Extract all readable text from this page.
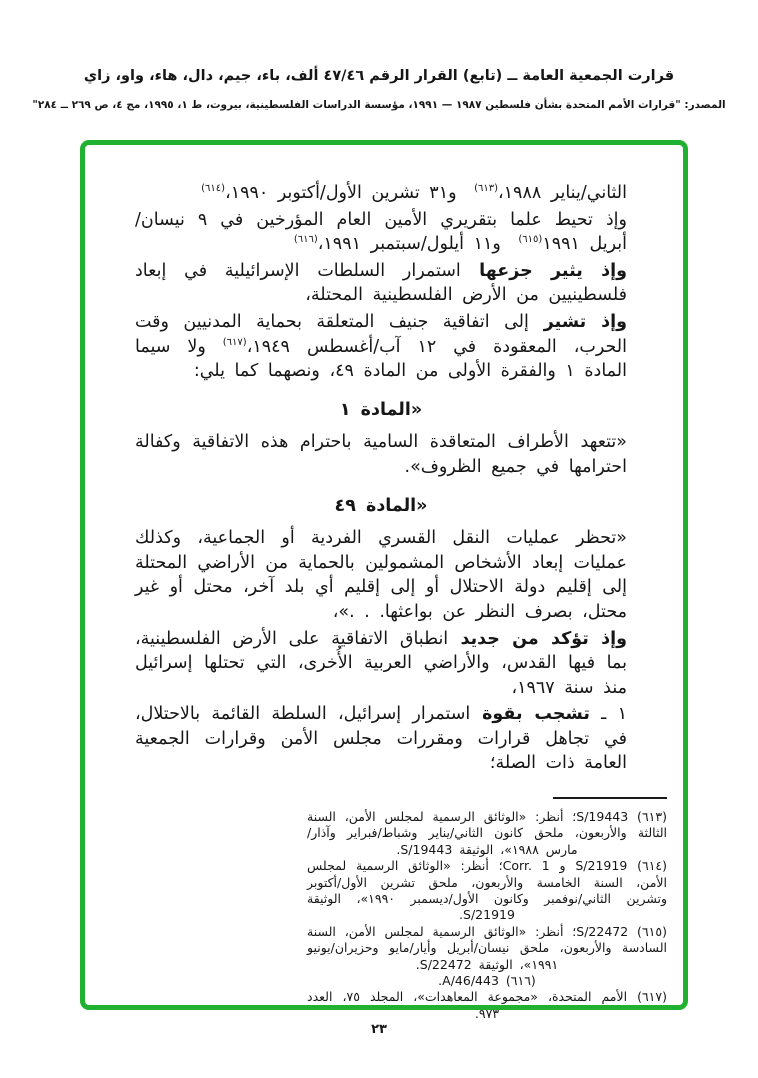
قرارت الجمعية العامة ــ (تابع) القرار الرقم ٤٧/٤٦ ألف، باء، جيم، دال، هاء، واو، زاي
المصدر: "قرارات الأمم المتحدة بشأن فلسطين ١٩٨٧ — ١٩٩١، مؤسسة الدراسات الفلسطينية، بيروت، ط ١، ١٩٩٥، مج ٤، ص ٢٦٩ ــ ٢٨٤"
الثاني/يناير ١٩٨٨،$^{(٦١٣)}$ و٣١ تشرين الأول/أكتوبر ١٩٩٠،$^{(٦١٤)}$
وإذ تحيط علما بتقريري الأمين العام المؤرخين في ٩ نيسان/أبريل ١٩٩١$^{(٦١٥)}$ و١١ أيلول/سبتمبر ١٩٩١،$^{(٦١٦)}$
وإذ يثير جزعها استمرار السلطات الإسرائيلية في إبعاد فلسطينيين من الأرض الفلسطينية المحتلة،
وإذ تشير إلى اتفاقية جنيف المتعلقة بحماية المدنيين وقت الحرب، المعقودة في ١٢ آب/أغسطس ١٩٤٩،$^{(٦١٧)}$ ولا سيما المادة ١ والفقرة الأولى من المادة ٤٩، ونصهما كما يلي:
«المادة ١
«تتعهد الأطراف المتعاقدة السامية باحترام هذه الاتفاقية وكفالة احترامها في جميع الظروف».
«المادة ٤٩
«تحظر عمليات النقل القسري الفردية أو الجماعية، وكذلك عمليات إبعاد الأشخاص المشمولين بالحماية من الأراضي المحتلة إلى إقليم دولة الاحتلال أو إلى إقليم أي بلد آخر، محتل أو غير محتل، بصرف النظر عن بواعثها. . .»،
وإذ تؤكد من جديد انطباق الاتفاقية على الأرض الفلسطينية، بما فيها القدس، والأراضي العربية الأُخرى، التي تحتلها إسرائيل منذ سنة ١٩٦٧،
١ ـ تشجب بقوة استمرار إسرائيل، السلطة القائمة بالاحتلال، في تجاهل قرارات ومقررات مجلس الأمن وقرارات الجمعية العامة ذات الصلة؛
(٦١٣) S/19443؛ أنظر: «الوثائق الرسمية لمجلس الأمن، السنة الثالثة والأربعون، ملحق كانون الثاني/يناير وشباط/فبراير وآذار/مارس ١٩٨٨»، الوثيقة S/19443.
(٦١٤) S/21919 و Corr. 1؛ أنظر: «الوثائق الرسمية لمجلس الأمن، السنة الخامسة والأربعون، ملحق تشرين الأول/أكتوبر وتشرين الثاني/نوفمبر وكانون الأول/ديسمبر ١٩٩٠»، الوثيقة S/21919.
(٦١٥) S/22472؛ أنظر: «الوثائق الرسمية لمجلس الأمن، السنة السادسة والأربعون، ملحق نيسان/أبريل وأيار/مايو وحزيران/يونيو ١٩٩١»، الوثيقة S/22472.
(٦١٦) A/46/443.
(٦١٧) الأمم المتحدة، «مجموعة المعاهدات»، المجلد ٧٥، العدد ٩٧٣.
٢٣
